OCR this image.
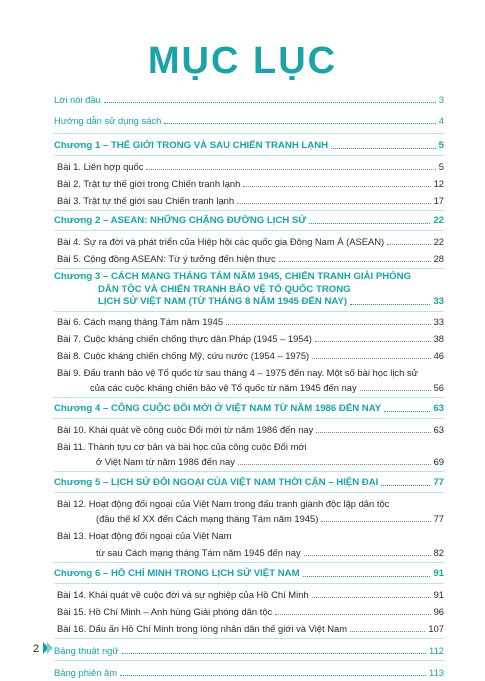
MỤC LỤC
Lời nói đầu	3
Hướng dẫn sử dụng sách	4
Chương 1 – THẾ GIỚI TRONG VÀ SAU CHIẾN TRANH LẠNH	5
Bài 1. Liên hợp quốc	5
Bài 2. Trật tự thế giới trong Chiến tranh lạnh	12
Bài 3. Trật tự thế giới sau Chiến tranh lạnh	17
Chương 2 – ASEAN: NHỮNG CHẶNG ĐƯỜNG LỊCH SỬ	22
Bài 4. Sự ra đời và phát triển của Hiệp hội các quốc gia Đông Nam Á (ASEAN)	22
Bài 5. Cộng đồng ASEAN: Từ ý tưởng đến hiện thực	28
Chương 3 – CÁCH MẠNG THÁNG TÁM NĂM 1945, CHIẾN TRANH GIẢI PHÓNG
DÂN TỘC VÀ CHIẾN TRANH BẢO VỆ TỔ QUỐC TRONG
LỊCH SỬ VIỆT NAM (TỪ THÁNG 8 NĂM 1945 ĐẾN NAY)	33
Bài 6. Cách mạng tháng Tám năm 1945	33
Bài 7. Cuộc kháng chiến chống thực dân Pháp (1945 – 1954)	38
Bài 8. Cuộc kháng chiến chống Mỹ, cứu nước (1954 – 1975)	46
Bài 9. Đấu tranh bảo vệ Tổ quốc từ sau tháng 4 – 1975 đến nay. Một số bài học lịch sử
của các cuộc kháng chiến bảo vệ Tổ quốc từ năm 1945 đến nay	56
Chương 4 – CÔNG CUỘC ĐỔI MỚI Ở VIỆT NAM TỪ NĂM 1986 ĐẾN NAY	63
Bài 10. Khái quát về công cuộc Đổi mới từ năm 1986 đến nay	63
Bài 11. Thành tựu cơ bản và bài học của công cuộc Đổi mới
ở Việt Nam từ năm 1986 đến nay	69
Chương 5 – LỊCH SỬ ĐỐI NGOẠI CỦA VIỆT NAM THỜI CẬN – HIỆN ĐẠI	77
Bài 12. Hoạt động đối ngoại của Việt Nam trong đấu tranh giành độc lập dân tộc
(đầu thế kỉ XX đến Cách mạng tháng Tám năm 1945)	77
Bài 13. Hoạt động đối ngoại của Việt Nam
từ sau Cách mạng tháng Tám năm 1945 đến nay	82
Chương 6 – HỒ CHÍ MINH TRONG LỊCH SỬ VIỆT NAM	91
Bài 14. Khái quát về cuộc đời và sự nghiệp của Hồ Chí Minh	91
Bài 15. Hồ Chí Minh – Anh hùng Giải phóng dân tộc	96
Bài 16. Dấu ấn Hồ Chí Minh trong lòng nhân dân thế giới và Việt Nam	107
Bảng thuật ngữ	112
Bảng phiên âm	113
2
